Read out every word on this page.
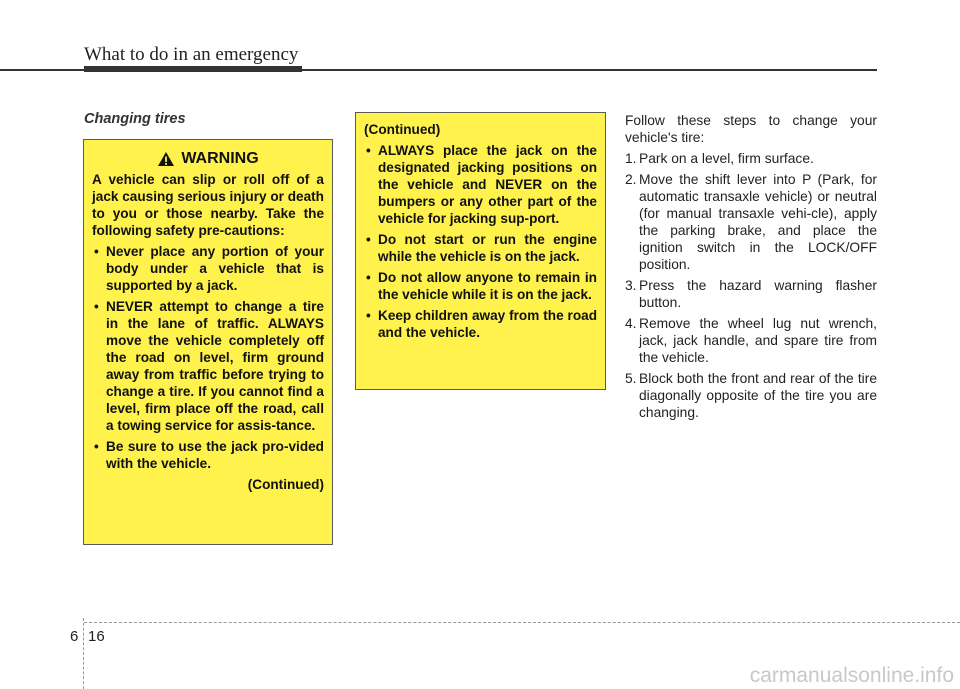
What to do in an emergency
Changing tires
WARNING
A vehicle can slip or roll off of a jack causing serious injury or death to you or those nearby. Take the following safety pre-cautions:
• Never place any portion of your body under a vehicle that is supported by a jack.
• NEVER attempt to change a tire in the lane of traffic. ALWAYS move the vehicle completely off the road on level, firm ground away from traffic before trying to change a tire. If you cannot find a level, firm place off the road, call a towing service for assis-tance.
• Be sure to use the jack pro-vided with the vehicle.
(Continued)
(Continued)
• ALWAYS place the jack on the designated jacking positions on the vehicle and NEVER on the bumpers or any other part of the vehicle for jacking sup-port.
• Do not start or run the engine while the vehicle is on the jack.
• Do not allow anyone to remain in the vehicle while it is on the jack.
• Keep children away from the road and the vehicle.
Follow these steps to change your vehicle's tire:
1. Park on a level, firm surface.
2. Move the shift lever into P (Park, for automatic transaxle vehicle) or neutral (for manual transaxle vehi-cle), apply the parking brake, and place the ignition switch in the LOCK/OFF position.
3. Press the hazard warning flasher button.
4. Remove the wheel lug nut wrench, jack, jack handle, and spare tire from the vehicle.
5. Block both the front and rear of the tire diagonally opposite of the tire you are changing.
6 16
carmanualsonline.info
